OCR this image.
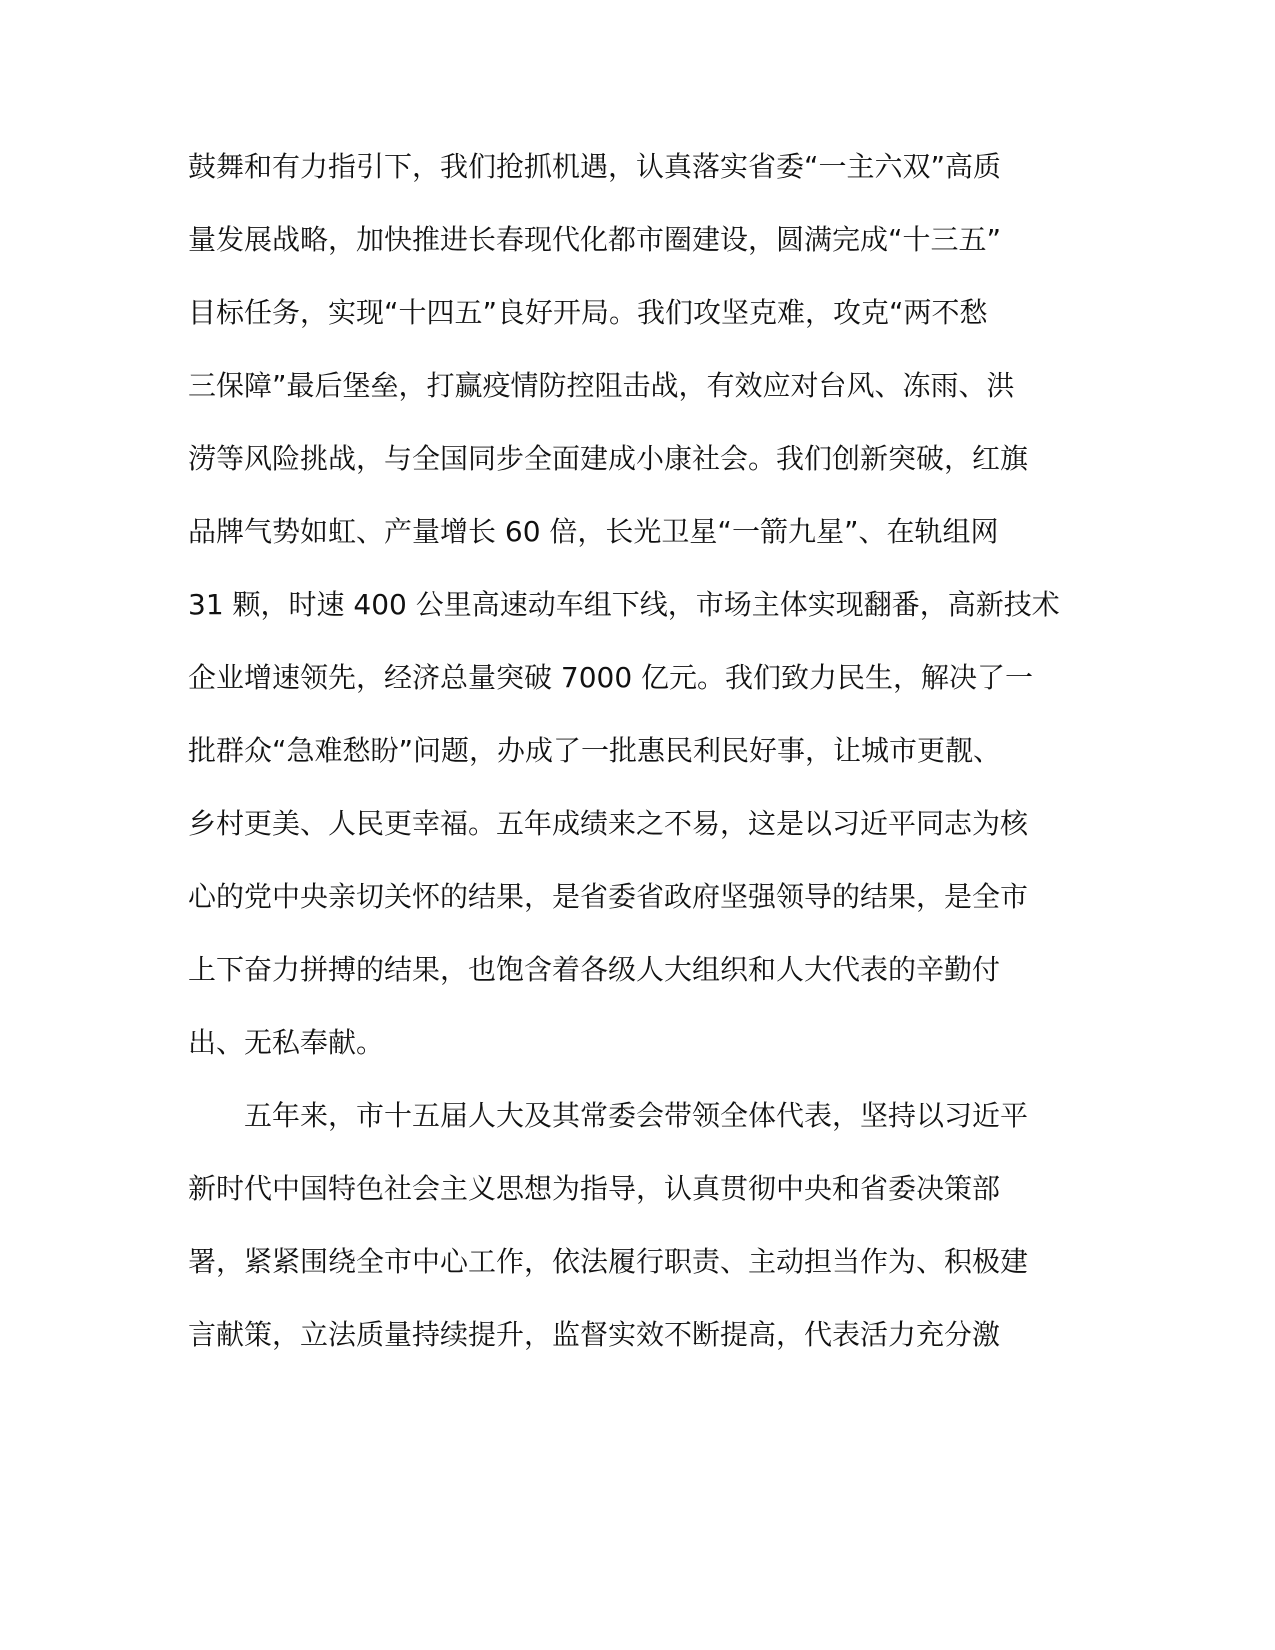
鼓舞和有力指引下，我们抢抓机遇，认真落实省委“一主六双”高质

量发展战略，加快推进长春现代化都市圈建设，圆满完成“十三五”

目标任务，实现“十四五”良好开局。我们攻坚克难，攻克“两不愁

三保障”最后堡垒，打赢疫情防控阻击战，有效应对台风、冻雨、洪

涝等风险挑战，与全国同步全面建成小康社会。我们创新突破，红旗

品牌气势如虹、产量增长 60 倍，长光卫星“一箭九星”、在轨组网

31 颗，时速 400 公里高速动车组下线，市场主体实现翻番，高新技术

企业增速领先，经济总量突破 7000 亿元。我们致力民生，解决了一

批群众“急难愁盼”问题，办成了一批惠民利民好事，让城市更靓、

乡村更美、人民更幸福。五年成绩来之不易，这是以习近平同志为核

心的党中央亲切关怀的结果，是省委省政府坚强领导的结果，是全市

上下奋力拼搏的结果，也饱含着各级人大组织和人大代表的辛勤付

出、无私奉献。

　　五年来，市十五届人大及其常委会带领全体代表，坚持以习近平

新时代中国特色社会主义思想为指导，认真贯彻中央和省委决策部

署，紧紧围绕全市中心工作，依法履行职责、主动担当作为、积极建

言献策，立法质量持续提升，监督实效不断提高，代表活力充分激
